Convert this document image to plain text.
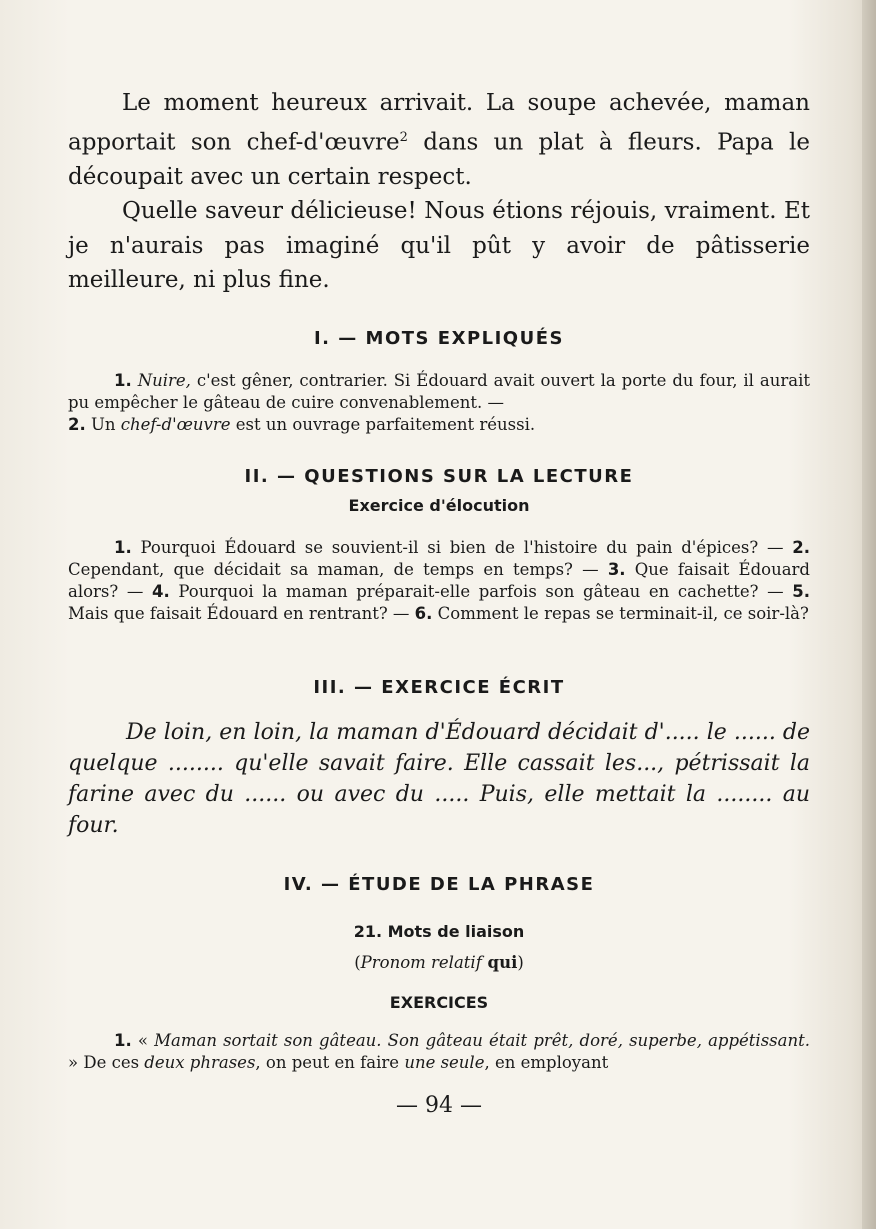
Le moment heureux arrivait. La soupe achevée, maman apportait son chef-d'œuvre$^2$ dans un plat à fleurs. Papa le découpait avec un certain respect.

Quelle saveur délicieuse! Nous étions réjouis, vraiment. Et je n'aurais pas imaginé qu'il pût y avoir de pâtisserie meilleure, ni plus fine.

I. — MOTS EXPLIQUÉS

1. Nuire, c'est gêner, contrarier. Si Édouard avait ouvert la porte du four, il aurait pu empêcher le gâteau de cuire convenablement. —
2. Un chef-d'œuvre est un ouvrage parfaitement réussi.

II. — QUESTIONS SUR LA LECTURE

Exercice d'élocution

1. Pourquoi Édouard se souvient-il si bien de l'histoire du pain d'épices? — 2. Cependant, que décidait sa maman, de temps en temps? — 3. Que faisait Édouard alors? — 4. Pourquoi la maman préparait-elle parfois son gâteau en cachette? — 5. Mais que faisait Édouard en rentrant? — 6. Comment le repas se terminait-il, ce soir-là?

III. — EXERCICE ÉCRIT

De loin, en loin, la maman d'Édouard décidait d'..... le ...... de quelque ........ qu'elle savait faire. Elle cassait les..., pétrissait la farine avec du ...... ou avec du ..... Puis, elle mettait la ........ au four.

IV. — ÉTUDE DE LA PHRASE

21. Mots de liaison

(Pronom relatif qui)

EXERCICES

1. « Maman sortait son gâteau. Son gâteau était prêt, doré, superbe, appétissant. » De ces deux phrases, on peut en faire une seule, en employant

— 94 —
